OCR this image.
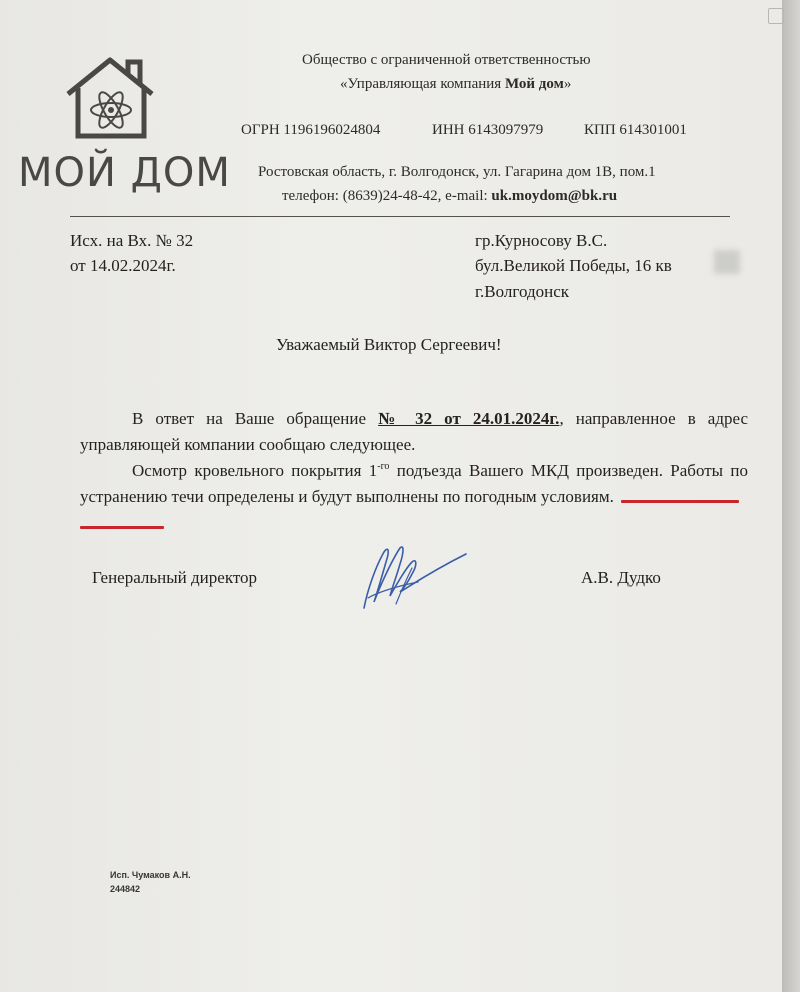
МОЙ ДОМ
Общество с ограниченной ответственностью
«Управляющая компания Мой дом»
ОГРН 1196196024804	ИНН 6143097979	КПП 614301001
Ростовская область, г. Волгодонск, ул. Гагарина дом 1В, пом.1
телефон: (8639)24-48-42, e-mail: uk.moydom@bk.ru
Исх. на Вх. № 32
от 14.02.2024г.
гр.Курносову В.С.
бул.Великой Победы, 16 кв
г.Волгодонск
Уважаемый Виктор Сергеевич!
В ответ на Ваше обращение № 32 от 24.01.2024г., направленное в адрес управляющей компании сообщаю следующее.
Осмотр кровельного покрытия $1^{-го}$ подъезда Вашего МКД произведен. Работы по устранению течи определены и будут выполнены по погодным условиям.
Генеральный директор	А.В. Дудко
Исп. Чумаков А.Н.
244842
